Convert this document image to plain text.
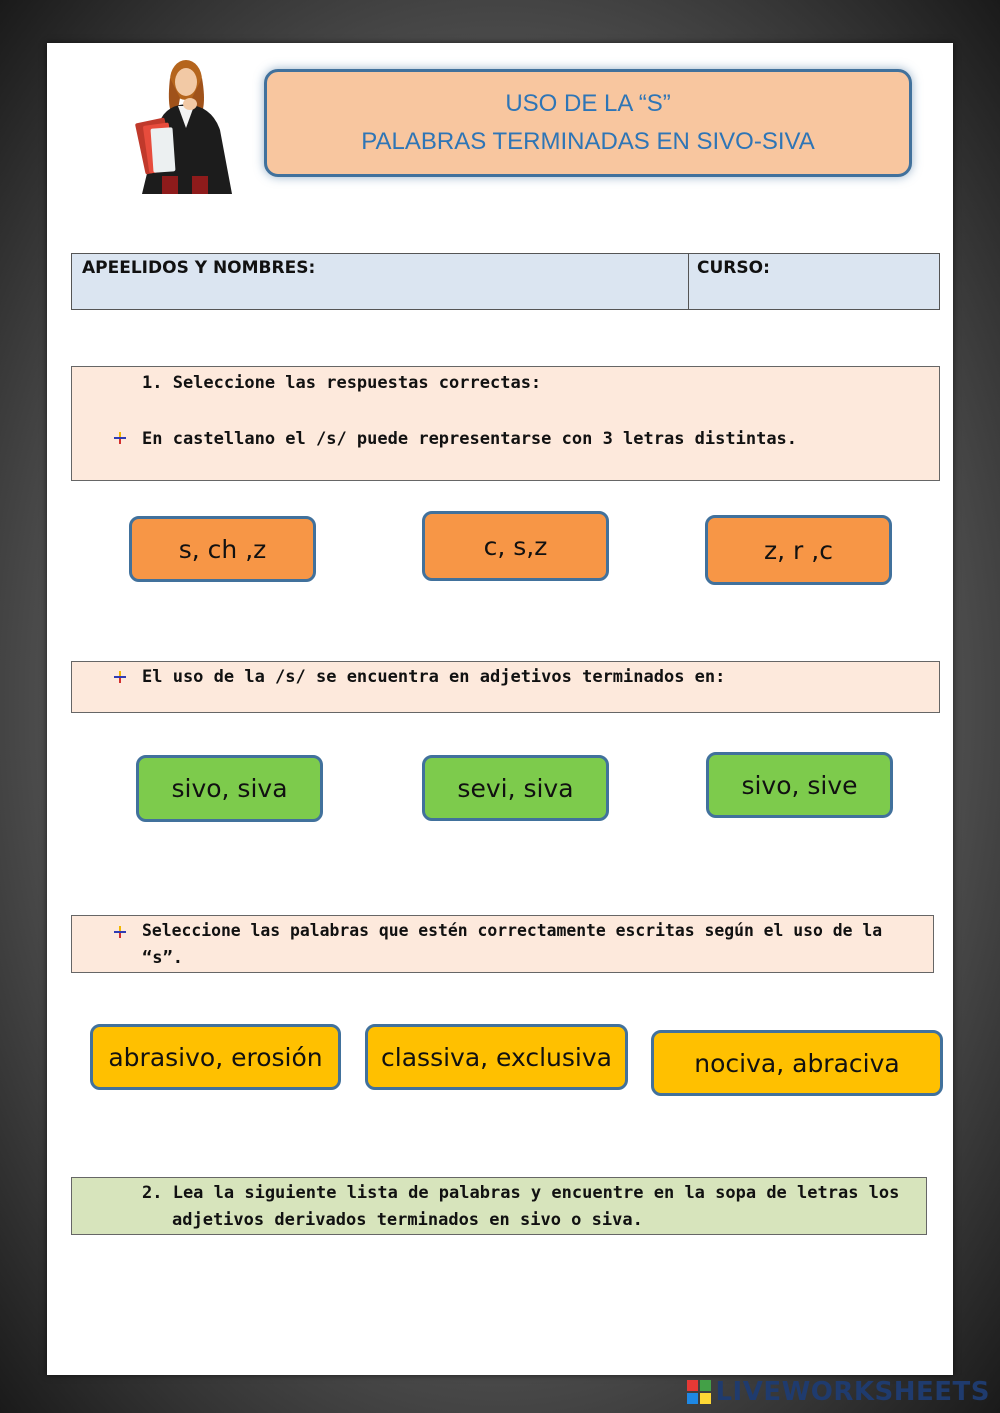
USO DE LA “S”
PALABRAS TERMINADAS EN SIVO-SIVA
APEELIDOS Y NOMBRES:	CURSO:
1. Seleccione las respuestas correctas:
En castellano el /s/ puede representarse con 3 letras distintas.
s, ch ,z	c, s,z	z, r ,c
El uso de la /s/ se encuentra en adjetivos terminados en:
sivo, siva	sevi, siva	sivo, sive
Seleccione las palabras que estén correctamente escritas según el uso de la
“s”.
abrasivo, erosión classiva, exclusiva	nociva, abraciva
2. Lea la siguiente lista de palabras y encuentre en la sopa de letras los
adjetivos derivados terminados en sivo o siva.
LIVEWORKSHEETS
